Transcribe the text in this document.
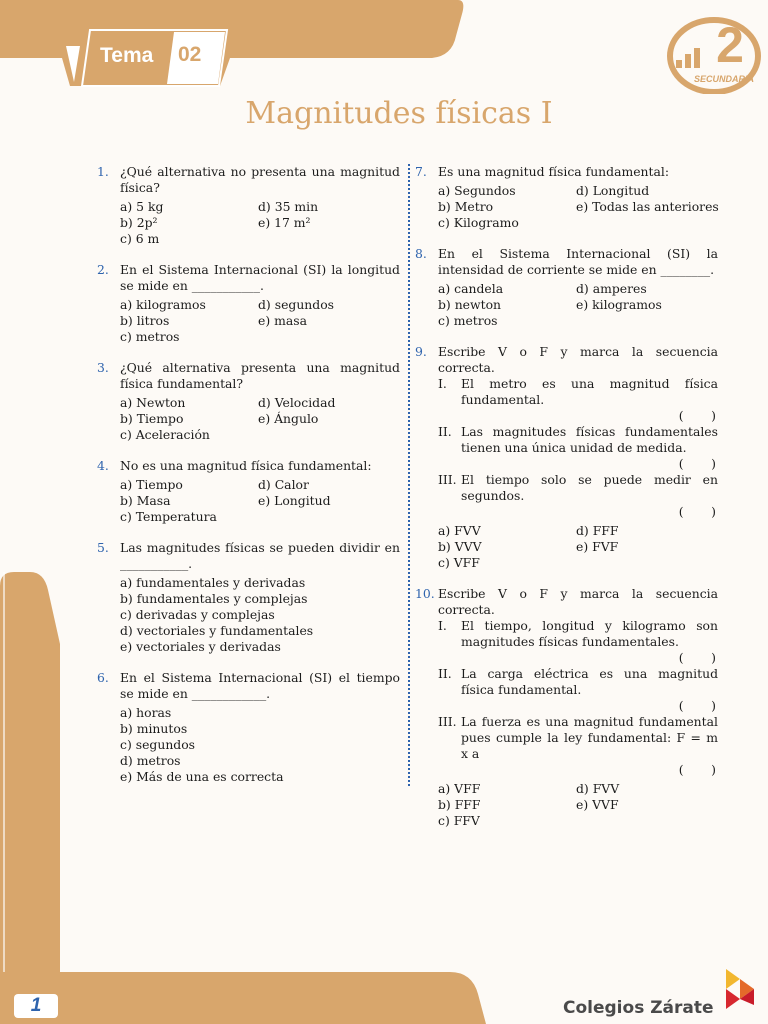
Tema 02	2
SECUNDARIA
Magnitudes físicas I
1. ¿Qué alternativa no presenta una magnitud física?
a) 5 kg	d) 35 min
b) 2p²	e) 17 m²
c) 6 m
2. En el Sistema Internacional (SI) la longitud se mide en ___________.
a) kilogramos	d) segundos
b) litros	e) masa
c) metros
3. ¿Qué alternativa presenta una magnitud física fundamental?
a) Newton	d) Velocidad
b) Tiempo	e) Ángulo
c) Aceleración
4. No es una magnitud física fundamental:
a) Tiempo	d) Calor
b) Masa	e) Longitud
c) Temperatura
5. Las magnitudes físicas se pueden dividir en ___________.
a) fundamentales y derivadas
b) fundamentales y complejas
c) derivadas y complejas
d) vectoriales y fundamentales
e) vectoriales y derivadas
6. En el Sistema Internacional (SI) el tiempo se mide en ____________.
a) horas
b) minutos
c) segundos
d) metros
e) Más de una es correcta
7. Es una magnitud física fundamental:
a) Segundos	d) Longitud
b) Metro	e) Todas las anteriores
c) Kilogramo
8. En el Sistema Internacional (SI) la intensidad de corriente se mide en ________.
a) candela	d) amperes
b) newton	e) kilogramos
c) metros
9. Escribe V o F y marca la secuencia correcta.
I.	El metro es una magnitud física fundamental.
(       )
II. Las magnitudes físicas fundamentales tienen una única unidad de medida.
(       )
III. El tiempo solo se puede medir en segundos.
(       )
a) FVV	d) FFF
b) VVV	e) FVF
c) VFF
10. Escribe V o F y marca la secuencia correcta.
I.	El tiempo, longitud y kilogramo son magnitudes físicas fundamentales.
(       )
II. La carga eléctrica es una magnitud física fundamental.
(       )
III. La fuerza es una magnitud fundamental pues cumple la ley fundamental: F = m x a
(       )
a) VFF	d) FVV
b) FFF	e) VVF
c) FFV
1	Colegios Zárate
